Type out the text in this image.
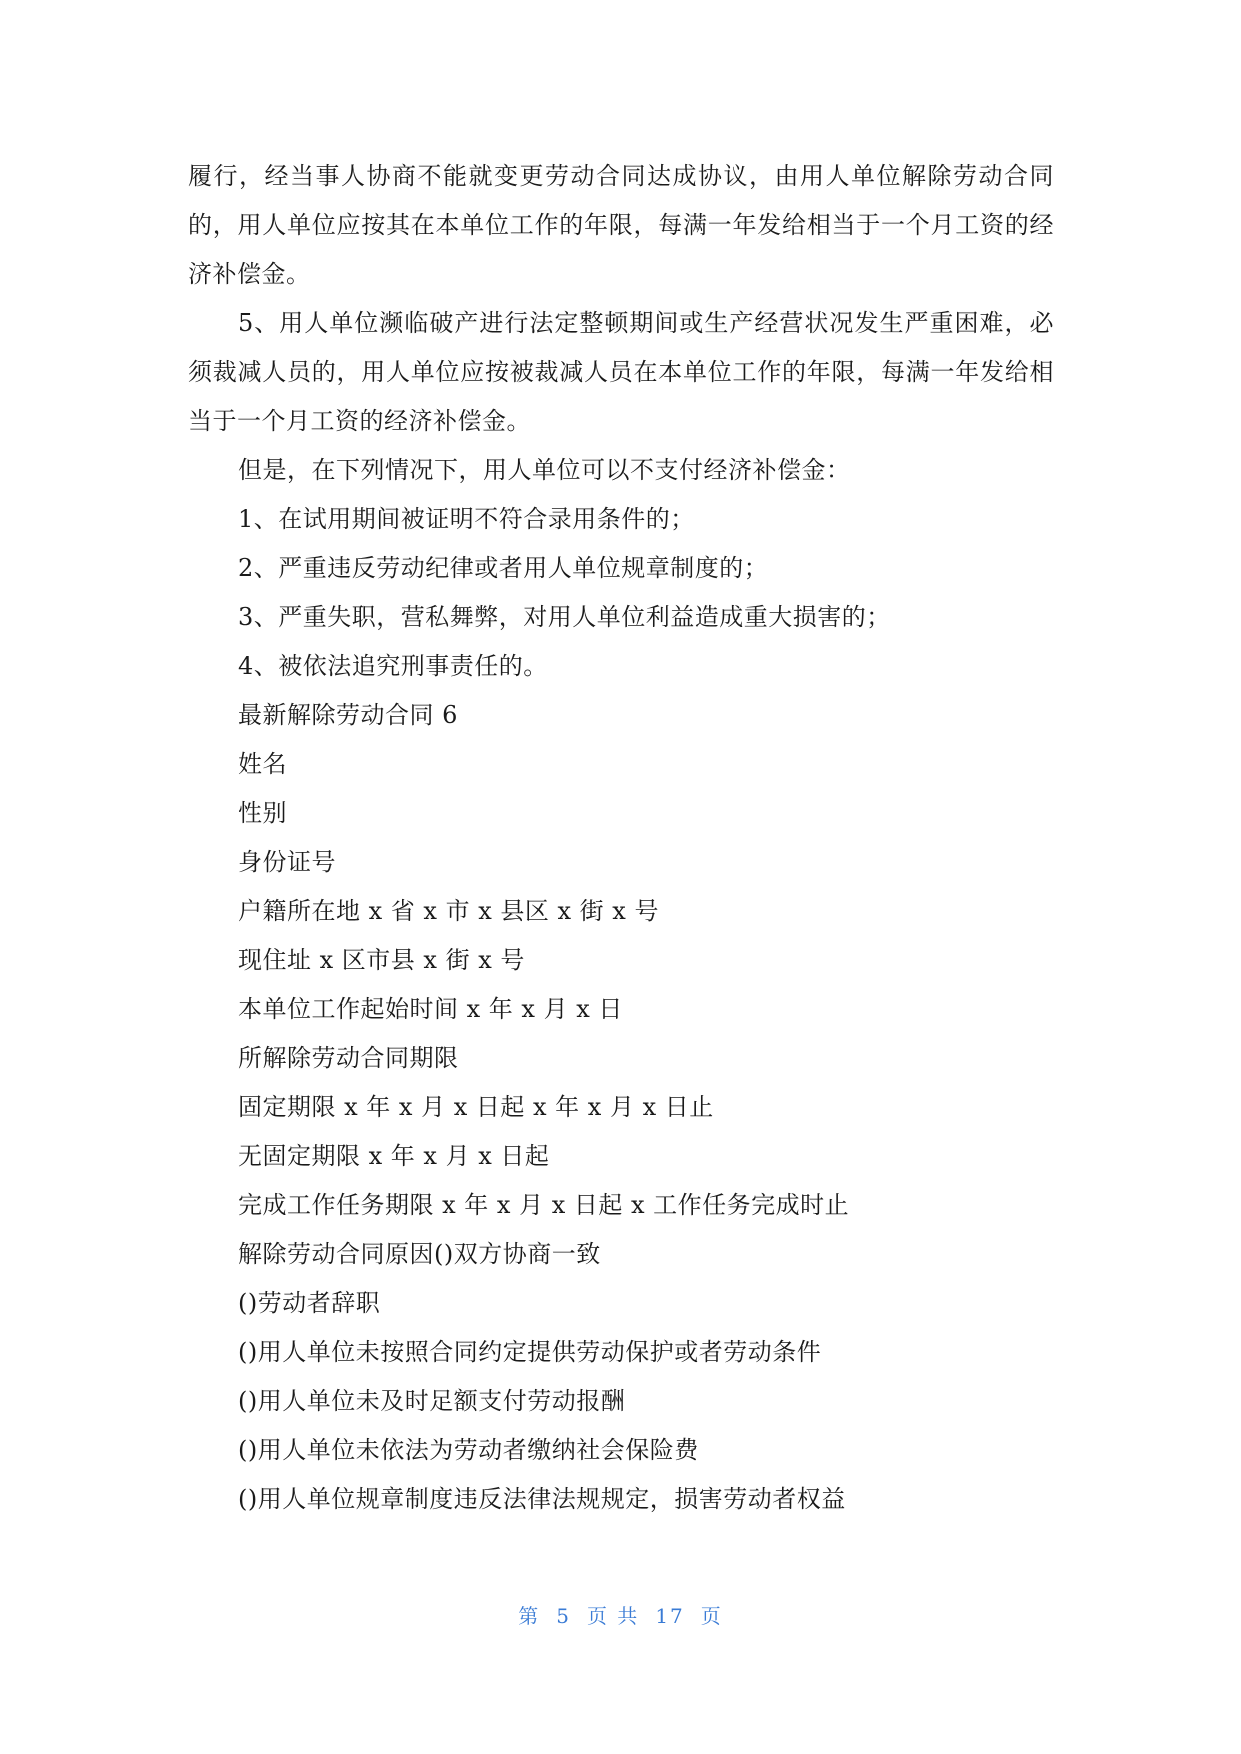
履行，经当事人协商不能就变更劳动合同达成协议，由用人单位解除劳动合同的，用人单位应按其在本单位工作的年限，每满一年发给相当于一个月工资的经济补偿金。

5、用人单位濒临破产进行法定整顿期间或生产经营状况发生严重困难，必须裁减人员的，用人单位应按被裁减人员在本单位工作的年限，每满一年发给相当于一个月工资的经济补偿金。

但是，在下列情况下，用人单位可以不支付经济补偿金：

1、在试用期间被证明不符合录用条件的；

2、严重违反劳动纪律或者用人单位规章制度的；

3、严重失职，营私舞弊，对用人单位利益造成重大损害的；

4、被依法追究刑事责任的。

最新解除劳动合同 6

姓名

性别

身份证号

户籍所在地 x 省 x 市 x 县区 x 街 x 号

现住址 x 区市县 x 街 x 号

本单位工作起始时间 x 年 x 月 x 日

所解除劳动合同期限

固定期限 x 年 x 月 x 日起 x 年 x 月 x 日止

无固定期限 x 年 x 月 x 日起

完成工作任务期限 x 年 x 月 x 日起 x 工作任务完成时止

解除劳动合同原因()双方协商一致

()劳动者辞职

()用人单位未按照合同约定提供劳动保护或者劳动条件

()用人单位未及时足额支付劳动报酬

()用人单位未依法为劳动者缴纳社会保险费

()用人单位规章制度违反法律法规规定，损害劳动者权益

第 5 页 共 17 页
